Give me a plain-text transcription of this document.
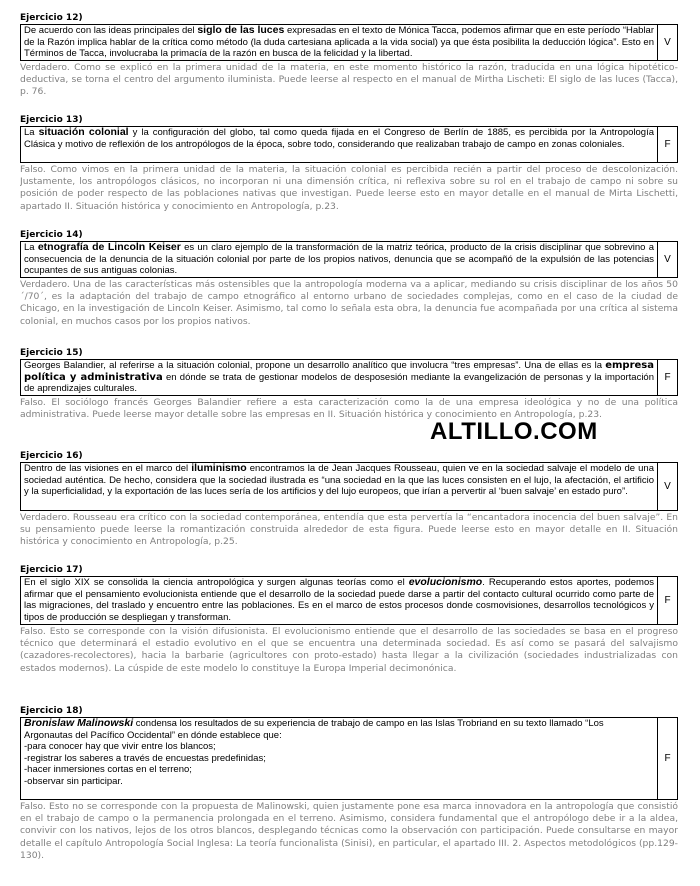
Ejercicio 12)
De acuerdo con las ideas principales del siglo de las luces expresadas en el texto de Mónica Tacca, podemos afirmar que en este período “Hablar de la Razón implica hablar de la crítica como método (la duda cartesiana aplicada a la vida social) ya que ésta posibilita la deducción lógica”. Esto en Términos de Tacca, involucraba la primacía de la razón en busca de la felicidad y la libertad.
V
Verdadero. Como se explicó en la primera unidad de la materia, en este momento histórico la razón, traducida en una lógica hipotético-deductiva, se torna el centro del argumento iluminista. Puede leerse al respecto en el manual de Mirtha Lischeti: El siglo de las luces (Tacca), p. 76.
Ejercicio 13)
La situación colonial y la configuración del globo, tal como queda fijada en el Congreso de Berlín de 1885, es percibida por la Antropología Clásica y motivo de reflexión de los antropólogos de la época, sobre todo, considerando que realizaban trabajo de campo en zonas coloniales.	F
Falso. Como vimos en la primera unidad de la materia, la situación colonial es percibida recién a partir del proceso de descolonización. Justamente, los antropólogos clásicos, no incorporan ni una dimensión crítica, ni reflexiva sobre su rol en el trabajo de campo ni sobre su posición de poder respecto de las poblaciones nativas que investigan. Puede leerse esto en mayor detalle en el manual de Mirta Lischetti, apartado II. Situación histórica y conocimiento en Antropología, p.23.
Ejercicio 14)
La etnografía de Lincoln Keiser es un claro ejemplo de la transformación de la matriz teórica, producto de la crisis disciplinar que sobrevino a consecuencia de la denuncia de la situación colonial por parte de los propios nativos, denuncia que se acompañó de la expulsión de las potencias ocupantes de sus antiguas colonias.
V
Verdadero. Una de las características más ostensibles que la antropología moderna va a aplicar, mediando su crisis disciplinar de los años 50´/70´, es la adaptación del trabajo de campo etnográfico al entorno urbano de sociedades complejas, como en el caso de la ciudad de Chicago, en la investigación de Lincoln Keiser. Asimismo, tal como lo señala esta obra, la denuncia fue acompañada por una crítica al sistema colonial, en muchos casos por los propios nativos.
Ejercicio 15)
Georges Balandier, al referirse a la situación colonial, propone un desarrollo analítico que involucra “tres empresas”. Una de ellas es la empresa política y administrativa en dónde se trata de gestionar modelos de desposesión mediante la evangelización de personas y la importación de aprendizajes culturales.
F
Falso. El sociólogo francés Georges Balandier refiere a esta caracterización como la de una empresa ideológica y no de una política administrativa. Puede leerse mayor detalle sobre las empresas en II. Situación histórica y conocimiento en Antropología, p.23.
Ejercicio 16)
Dentro de las visiones en el marco del iluminismo encontramos la de Jean Jacques Rousseau, quien ve en la sociedad salvaje el modelo de una sociedad auténtica. De hecho, considera que la sociedad ilustrada es “una sociedad en la que las luces consisten en el lujo, la afectación, el artificio y la superficialidad, y la exportación de las luces sería de los artificios y del lujo europeos, que irían a pervertir al ‘buen salvaje’ en estado puro”.	V
Verdadero. Rousseau era crítico con la sociedad contemporánea, entendía que esta pervertía la “encantadora inocencia del buen salvaje”. En su pensamiento puede leerse la romantización construida alrededor de esta figura. Puede leerse esto en mayor detalle en II. Situación histórica y conocimiento en Antropología, p.25.
Ejercicio 17)
En el siglo XIX se consolida la ciencia antropológica y surgen algunas teorías como el evolucionismo. Recuperando estos aportes, podemos afirmar que el pensamiento evolucionista entiende que el desarrollo de la sociedad puede darse a partir del contacto cultural ocurrido como parte de las migraciones, del traslado y encuentro entre las poblaciones. Es en el marco de estos procesos donde cosmovisiones, desarrollos tecnológicos y tipos de producción se despliegan y transforman.
F
Falso. Esto se corresponde con la visión difusionista. El evolucionismo entiende que el desarrollo de las sociedades se basa en el progreso técnico que determinará el estadio evolutivo en el que se encuentra una determinada sociedad. Es así como se pasará del salvajismo (cazadores-recolectores), hacia la barbarie (agricultores con proto-estado) hasta llegar a la civilización (sociedades industrializadas con estados modernos). La cúspide de este modelo lo constituye la Europa Imperial decimonónica.
Ejercicio 18)
Bronislaw Malinowski condensa los resultados de su experiencia de trabajo de campo en las Islas Trobriand en su texto llamado “Los Argonautas del Pacífico Occidental” en dónde establece que:
-para conocer hay que vivir entre los blancos;
-registrar los saberes a través de encuestas predefinidas;
-hacer inmersiones cortas en el terreno;
-observar sin participar.
F
Falso. Esto no se corresponde con la propuesta de Malinowski, quien justamente pone esa marca innovadora en la antropología que consistió en el trabajo de campo o la permanencia prolongada en el terreno. Asimismo, considera fundamental que el antropólogo debe ir a la aldea, convivir con los nativos, lejos de los otros blancos, desplegando técnicas como la observación con participación. Puede consultarse en mayor detalle el capítulo Antropología Social Inglesa: La teoría funcionalista (Sinisi), en particular, el apartado III. 2. Aspectos metodológicos (pp.129-130).
ALTILLO.COM
